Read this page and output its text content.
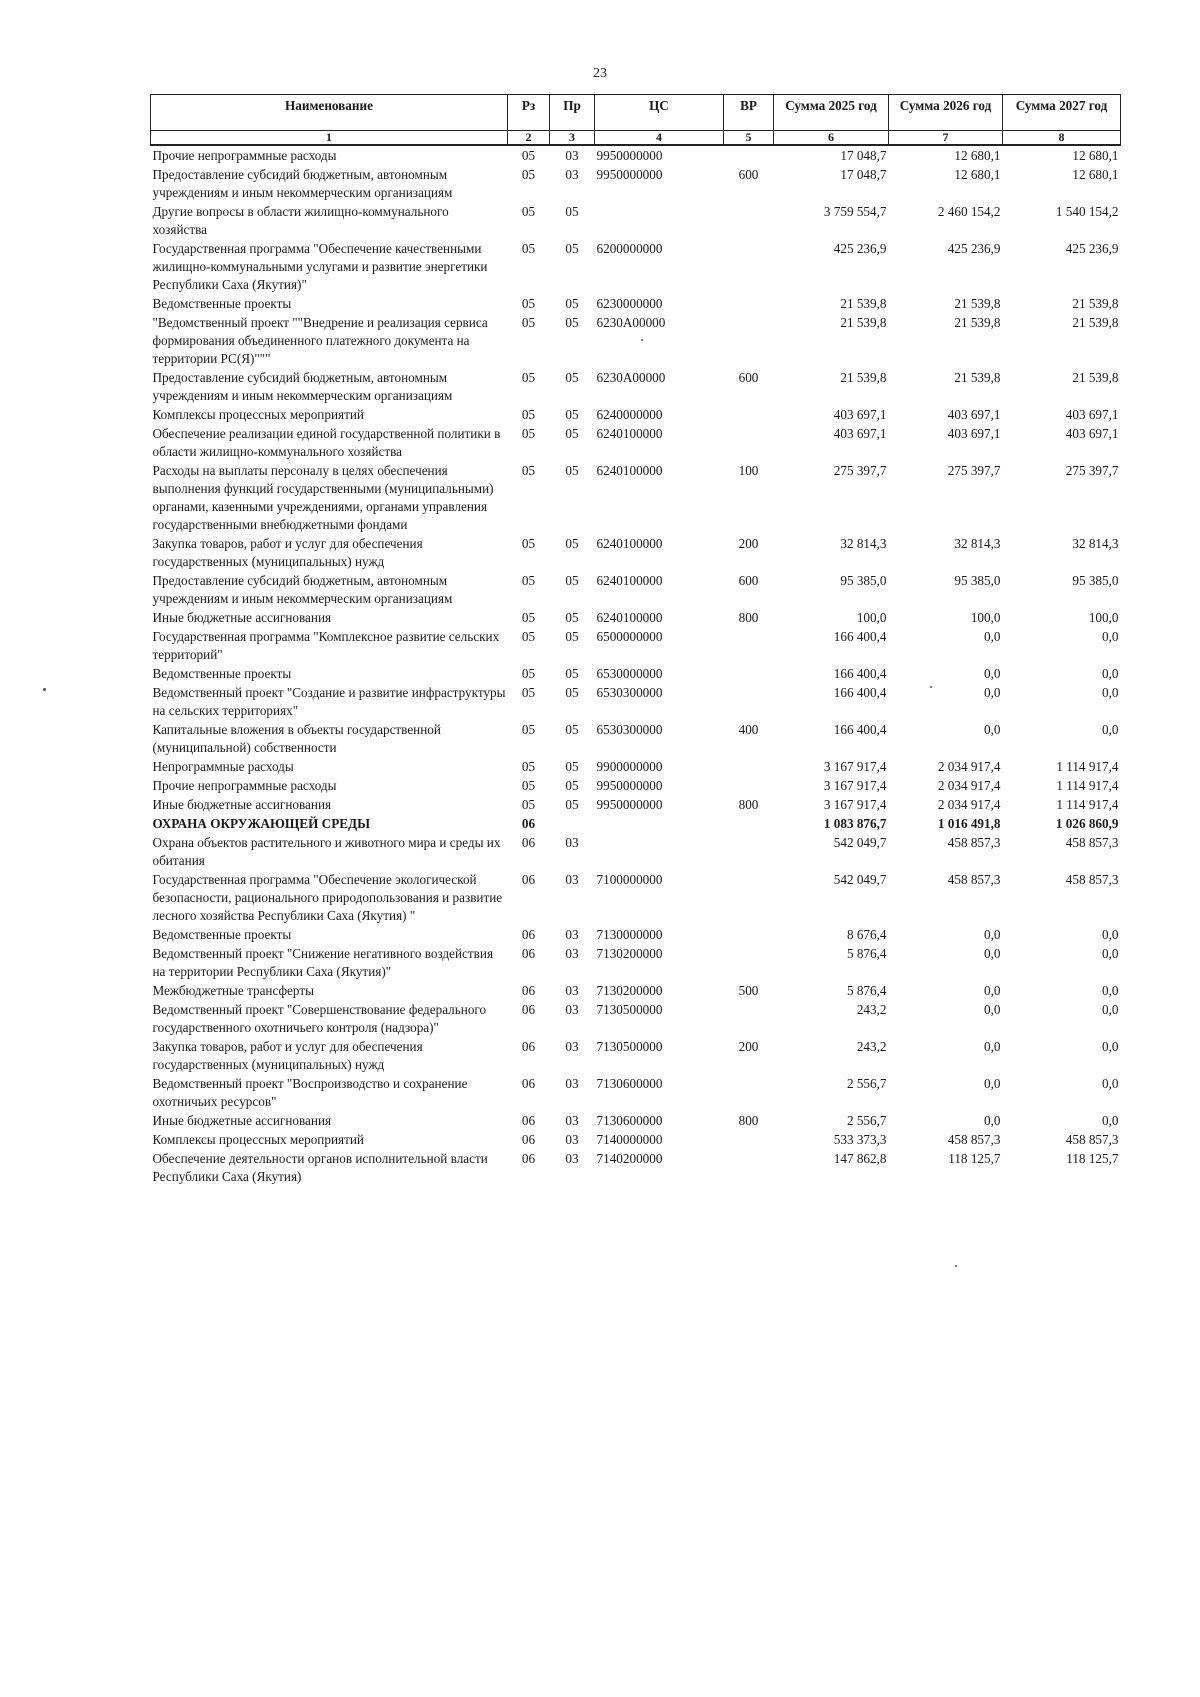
23
Наименование	Рз	Пр	ЦС	ВР	Сумма 2025 год	Сумма 2026 год	Сумма 2027 год
1	2	3	4	5	6	7	8
Прочие непрограммные расходы	05	03	9950000000		17 048,7	12 680,1	12 680,1
Предоставление субсидий бюджетным, автономным учреждениям и иным некоммерческим организациям	05	03	9950000000	600	17 048,7	12 680,1	12 680,1
Другие вопросы в области жилищно-коммунального хозяйства	05	05			3 759 554,7	2 460 154,2	1 540 154,2
Государственная программа "Обеспечение качественными жилищно-коммунальными услугами и развитие энергетики Республики Саха (Якутия)"	05	05	6200000000		425 236,9	425 236,9	425 236,9
Ведомственные проекты	05	05	6230000000		21 539,8	21 539,8	21 539,8
"Ведомственный проект ""Внедрение и реализация сервиса формирования объединенного платежного документа на территории РС(Я)"""	05	05	6230А00000		21 539,8	21 539,8	21 539,8
Предоставление субсидий бюджетным, автономным учреждениям и иным некоммерческим организациям	05	05	6230А00000	600	21 539,8	21 539,8	21 539,8
Комплексы процессных мероприятий	05	05	6240000000		403 697,1	403 697,1	403 697,1
Обеспечение реализации единой государственной политики в области жилищно-коммунального хозяйства	05	05	6240100000		403 697,1	403 697,1	403 697,1
Расходы на выплаты персоналу в целях обеспечения выполнения функций государственными (муниципальными) органами, казенными учреждениями, органами управления государственными внебюджетными фондами	05	05	6240100000	100	275 397,7	275 397,7	275 397,7
Закупка товаров, работ и услуг для обеспечения государственных (муниципальных) нужд	05	05	6240100000	200	32 814,3	32 814,3	32 814,3
Предоставление субсидий бюджетным, автономным учреждениям и иным некоммерческим организациям	05	05	6240100000	600	95 385,0	95 385,0	95 385,0
Иные бюджетные ассигнования	05	05	6240100000	800	100,0	100,0	100,0
Государственная программа "Комплексное развитие сельских территорий"	05	05	6500000000		166 400,4	0,0	0,0
Ведомственные проекты	05	05	6530000000		166 400,4	0,0	0,0
Ведомственный проект "Создание и развитие инфраструктуры на сельских территориях"	05	05	6530300000		166 400,4	0,0	0,0
Капитальные вложения в объекты государственной (муниципальной) собственности	05	05	6530300000	400	166 400,4	0,0	0,0
Непрограммные расходы	05	05	9900000000		3 167 917,4	2 034 917,4	1 114 917,4
Прочие непрограммные расходы	05	05	9950000000		3 167 917,4	2 034 917,4	1 114 917,4
Иные бюджетные ассигнования	05	05	9950000000	800	3 167 917,4	2 034 917,4	1 114 917,4
ОХРАНА ОКРУЖАЮЩЕЙ СРЕДЫ	06				1 083 876,7	1 016 491,8	1 026 860,9
Охрана объектов растительного и животного мира и среды их обитания	06	03			542 049,7	458 857,3	458 857,3
Государственная программа "Обеспечение экологической безопасности, рационального природопользования и развитие лесного хозяйства Республики Саха (Якутия) "	06	03	7100000000		542 049,7	458 857,3	458 857,3
Ведомственные проекты	06	03	7130000000		8 676,4	0,0	0,0
Ведомственный проект "Снижение негативного воздействия на территории Республики Саха (Якутия)"	06	03	7130200000		5 876,4	0,0	0,0
Межбюджетные трансферты	06	03	7130200000	500	5 876,4	0,0	0,0
Ведомственный проект "Совершенствование федерального государственного охотничьего контроля (надзора)"	06	03	7130500000		243,2	0,0	0,0
Закупка товаров, работ и услуг для обеспечения государственных (муниципальных) нужд	06	03	7130500000	200	243,2	0,0	0,0
Ведомственный проект "Воспроизводство и сохранение охотничьих ресурсов"	06	03	7130600000		2 556,7	0,0	0,0
Иные бюджетные ассигнования	06	03	7130600000	800	2 556,7	0,0	0,0
Комплексы процессных мероприятий	06	03	7140000000		533 373,3	458 857,3	458 857,3
Обеспечение деятельности органов исполнительной власти Республики Саха (Якутия)	06	03	7140200000		147 862,8	118 125,7	118 125,7
